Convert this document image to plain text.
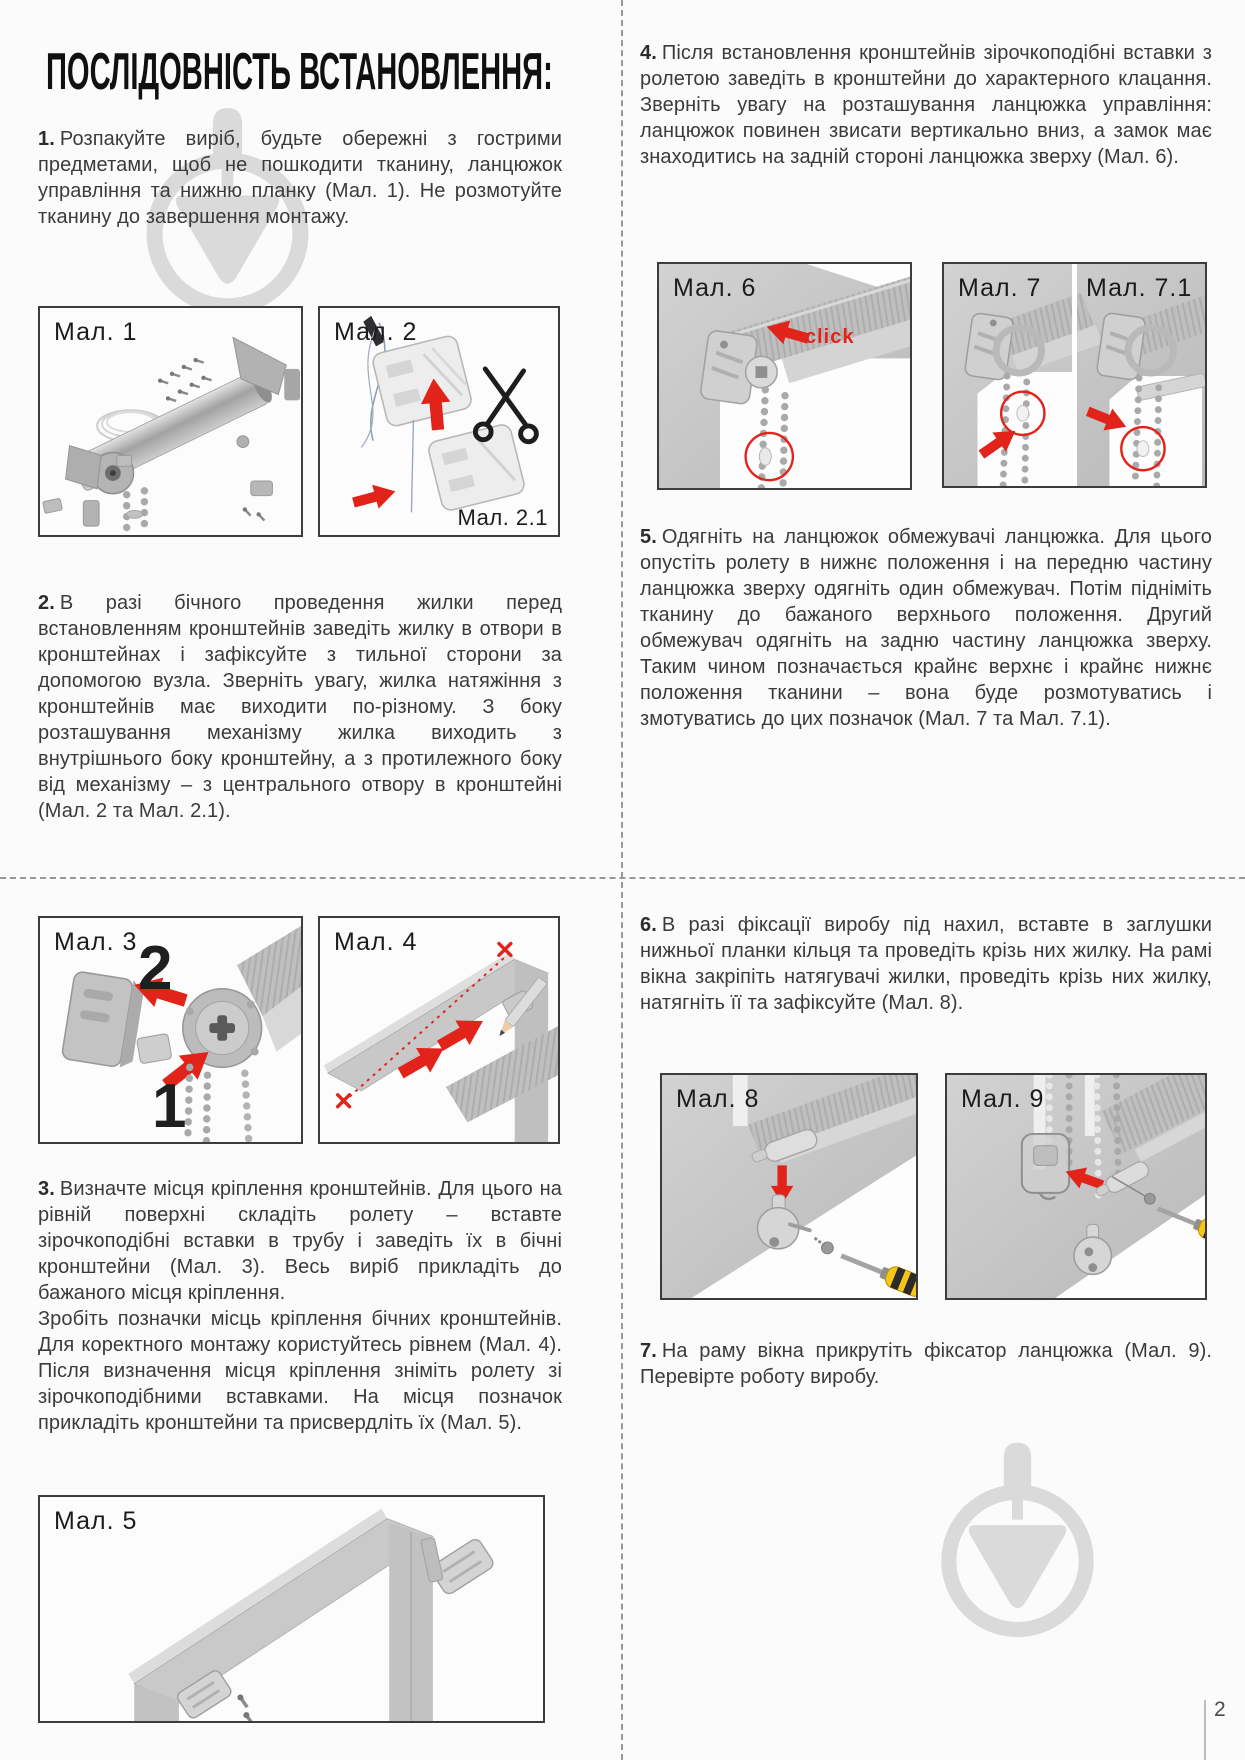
ПОСЛІДОВНІСТЬ ВСТАНОВЛЕННЯ:

1. Розпакуйте виріб, будьте обережні з гострими предметами, щоб не пошкодити тканину, ланцюжок управління та нижню планку (Мал. 1). Не розмотуйте тканину до завершення монтажу.

Мал. 1	Мал. 2
Мал. 2.1

2. В разі бічного проведення жилки перед встановленням кронштейнів заведіть жилку в отвори в кронштейнах і зафіксуйте з тильної сторони за допомогою вузла. Зверніть увагу, жилка натяжіння з кронштейнів має виходити по-різному. З боку розташування механізму жилка виходить з внутрішнього боку кронштейну, а з протилежного боку від механізму – з центрального отвору в кронштейні (Мал. 2 та Мал. 2.1).

2
1
Мал. 3	Мал. 4

3. Визначте місця кріплення кронштейнів. Для цього на рівній поверхні складіть ролету – вставте зірочкоподібні вставки в трубу і заведіть їх в бічні кронштейни (Мал. 3). Весь виріб прикладіть до бажаного місця кріплення.

Зробіть позначки місць кріплення бічних кронштейнів. Для коректного монтажу користуйтесь рівнем (Мал. 4). Після визначення місця кріплення зніміть ролету зі зірочкоподібними вставками. На місця позначок прикладіть кронштейни та присвердліть їх (Мал. 5).

Мал. 5

4. Після встановлення кронштейнів зірочкоподібні вставки з ролетою заведіть в кронштейни до характерного клацання. Зверніть увагу на розташування ланцюжка управління: ланцюжок повинен звисати вертикально вниз, а замок має знаходитись на задній стороні ланцюжка зверху (Мал. 6).

click
Мал. 6	Мал. 7 Мал. 7.1

5. Одягніть на ланцюжок обмежувачі ланцюжка. Для цього опустіть ролету в нижнє положення і на передню частину ланцюжка зверху одягніть один обмежувач. Потім підніміть тканину до бажаного верхнього положення. Другий обмежувач одягніть на задню частину ланцюжка зверху. Таким чином позначається крайнє верхнє і крайнє нижнє положення тканини – вона буде розмотуватись і змотуватись до цих позначок (Мал. 7 та Мал. 7.1).

6. В разі фіксації виробу під нахил, вставте в заглушки нижньої планки кільця та проведіть крізь них жилку. На рамі вікна закріпіть натягувачі жилки, проведіть крізь них жилку, натягніть її та зафіксуйте (Мал. 8).

Мал. 8	Мал. 9

7. На раму вікна прикрутіть фіксатор ланцюжка (Мал. 9). Перевірте роботу виробу.

2
